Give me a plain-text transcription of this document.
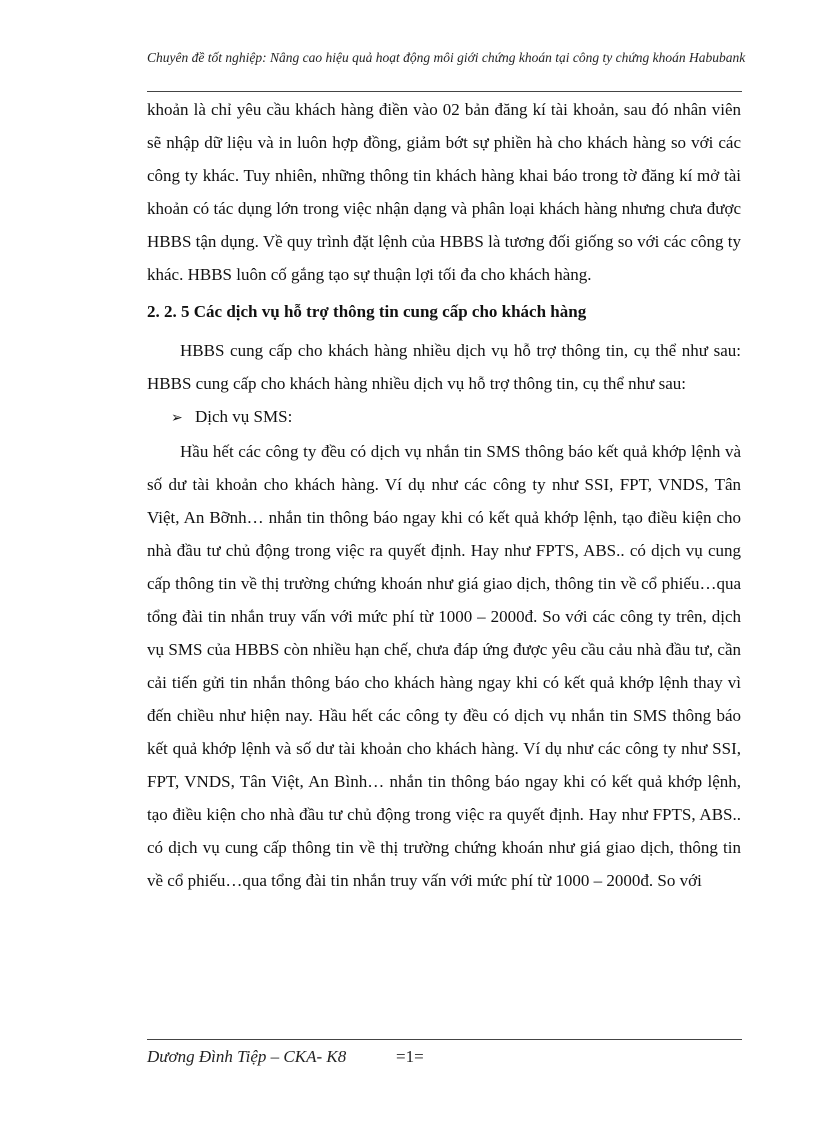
Chuyên đề tốt nghiệp: Nâng cao hiệu quả hoạt động môi giới chứng khoán tại công ty chứng khoán Habubank

khoản là chỉ yêu cầu khách hàng điền vào 02 bản đăng kí tài khoản, sau đó nhân viên sẽ nhập dữ liệu và in luôn hợp đồng, giảm bớt sự phiền hà cho khách hàng so với các công ty khác. Tuy nhiên, những thông tin khách hàng khai báo trong tờ đăng kí mở tài khoản có tác dụng lớn trong việc nhận dạng và phân loại khách hàng nhưng chưa được HBBS tận dụng. Về quy trình đặt lệnh của HBBS là tương đối giống so với các công ty khác. HBBS luôn cố gắng tạo sự thuận lợi tối đa cho khách hàng.

2. 2. 5 Các dịch vụ hỗ trợ thông tin cung cấp cho khách hàng

HBBS cung cấp cho khách hàng nhiều dịch vụ hỗ trợ thông tin, cụ thể như sau: HBBS cung cấp cho khách hàng nhiều dịch vụ hỗ trợ thông tin, cụ thể như sau:

➢ Dịch vụ SMS:

Hầu hết các công ty đều có dịch vụ nhắn tin SMS thông báo kết quả khớp lệnh và số dư tài khoản cho khách hàng. Ví dụ như các công ty như SSI, FPT, VNDS, Tân Việt, An Bỡnh… nhắn tin thông báo ngay khi có kết quả khớp lệnh, tạo điều kiện cho nhà đầu tư chủ động trong việc ra quyết định. Hay như FPTS, ABS.. có dịch vụ cung cấp thông tin về thị trường chứng khoán như giá giao dịch, thông tin về cổ phiếu…qua tổng đài tin nhắn truy vấn với mức phí từ 1000 – 2000đ. So với các công ty trên, dịch vụ SMS của HBBS còn nhiều hạn chế, chưa đáp ứng được yêu cầu cảu nhà đầu tư, cần cải tiến gửi tin nhắn thông báo cho khách hàng ngay khi có kết quả khớp lệnh thay vì đến chiều như hiện nay. Hầu hết các công ty đều có dịch vụ nhắn tin SMS thông báo kết quả khớp lệnh và số dư tài khoản cho khách hàng. Ví dụ như các công ty như SSI, FPT, VNDS, Tân Việt, An Bình… nhắn tin thông báo ngay khi có kết quả khớp lệnh, tạo điều kiện cho nhà đầu tư chủ động trong việc ra quyết định. Hay như FPTS, ABS.. có dịch vụ cung cấp thông tin về thị trường chứng khoán như giá giao dịch, thông tin về cổ phiếu…qua tổng đài tin nhắn truy vấn với mức phí từ 1000 – 2000đ. So với

Dương Đình Tiệp – CKA- K8	=1=
